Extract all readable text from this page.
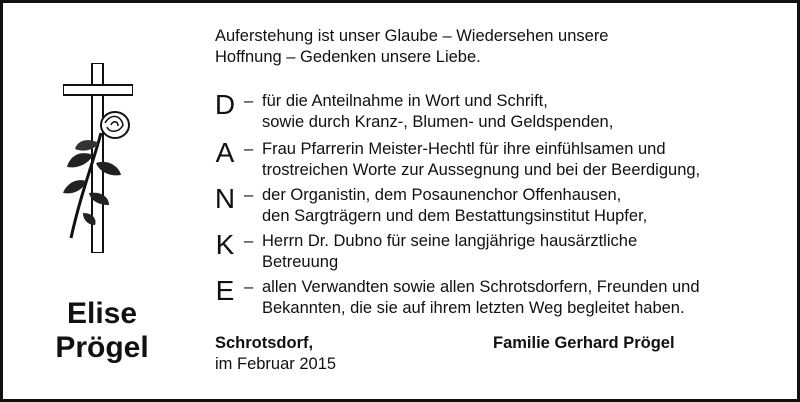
Elise
Prögel
Auferstehung ist unser Glaube – Wiedersehen unsere
Hoffnung – Gedenken unsere Liebe.
D – für die Anteilnahme in Wort und Schrift,
sowie durch Kranz-, Blumen- und Geldspenden,
A – Frau Pfarrerin Meister-Hechtl für ihre einfühlsamen und
trostreichen Worte zur Aussegnung und bei der Beerdigung,
N – der Organistin, dem Posaunenchor Offenhausen,
den Sargträgern und dem Bestattungsinstitut Hupfer,
K – Herrn Dr. Dubno für seine langjährige hausärztliche
Betreuung
E – allen Verwandten sowie allen Schrotsdorfern, Freunden und
Bekannten, die sie auf ihrem letzten Weg begleitet haben.
Schrotsdorf,
im Februar 2015
Familie Gerhard Prögel
